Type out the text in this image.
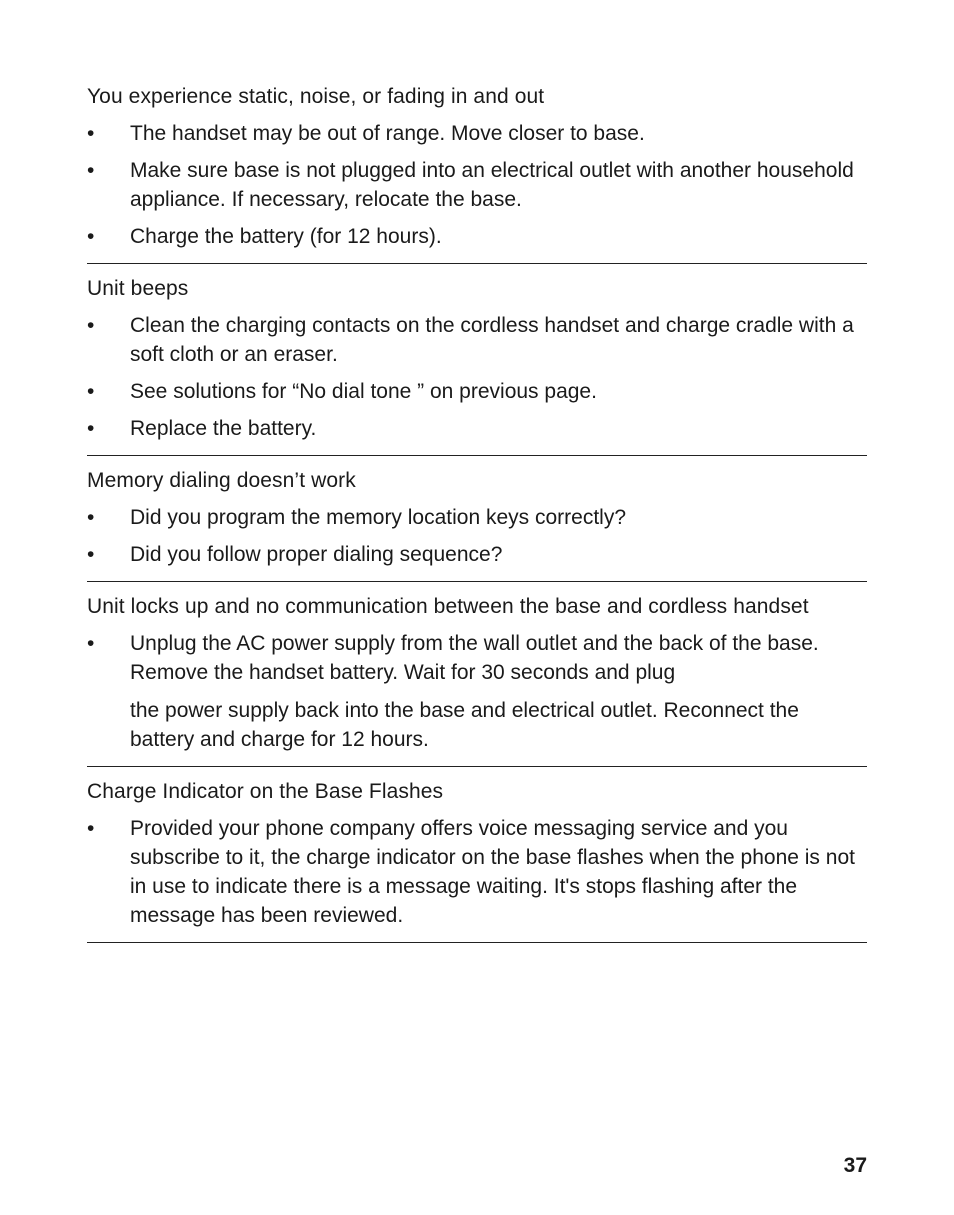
You experience static, noise, or fading in and out
•	The handset may be out of range. Move closer to base.

•	Make sure base is not plugged into an electrical outlet with another household appliance. If necessary, relocate the base.

•	Charge the battery (for 12 hours).

Unit beeps
•	Clean the charging contacts on the cordless handset and charge cradle with a soft cloth or an eraser.

•	See solutions for “No dial tone ” on previous page.

•	Replace the battery.

Memory dialing doesn’t work
•	Did you program the memory location keys correctly?

•	Did you follow proper dialing sequence?

Unit locks up and no communication between the base and cordless handset
•	Unplug the AC power supply from the wall outlet and the back of the base. Remove the handset battery. Wait for 30 seconds and plug

the power supply back into the base and electrical outlet. Reconnect the battery and charge for 12 hours.

Charge Indicator on the Base Flashes
•	Provided your phone company offers voice messaging service and you subscribe to it, the charge indicator on the base flashes when the phone is not in use to indicate there is a message waiting. It's stops flashing after the message has been reviewed.

37
